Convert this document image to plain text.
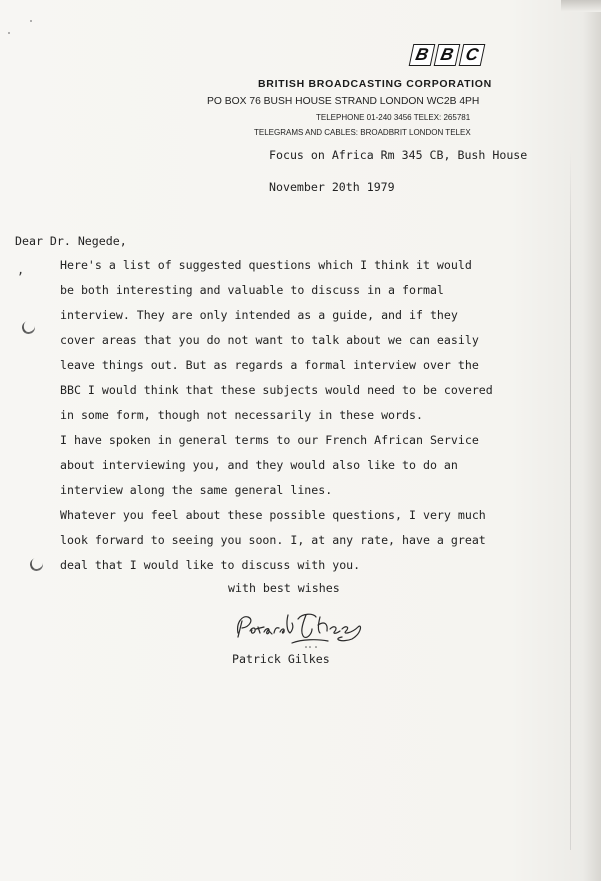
B B C
BRITISH BROADCASTING CORPORATION
PO BOX 76 BUSH HOUSE STRAND LONDON WC2B 4PH
TELEPHONE 01-240 3456 TELEX: 265781
TELEGRAMS AND CABLES: BROADBRIT LONDON TELEX
Focus on Africa Rm 345 CB, Bush House
November 20th 1979
Dear Dr. Negede,
,	Here's a list of suggested questions which I think it would
be both interesting and valuable to discuss in a formal
interview. They are only intended as a guide, and if they
cover areas that you do not want to talk about we can easily
leave things out. But as regards a formal interview over the
BBC I would think that these subjects would need to be covered
in some form, though not necessarily in these words.
I have spoken in general terms to our French African Service
about interviewing you, and they would also like to do an
interview along the same general lines.
Whatever you feel about these possible questions, I very much
look forward to seeing you soon. I, at any rate, have a great
deal that I would like to discuss with you.
with best wishes
Patrick Gilkes
